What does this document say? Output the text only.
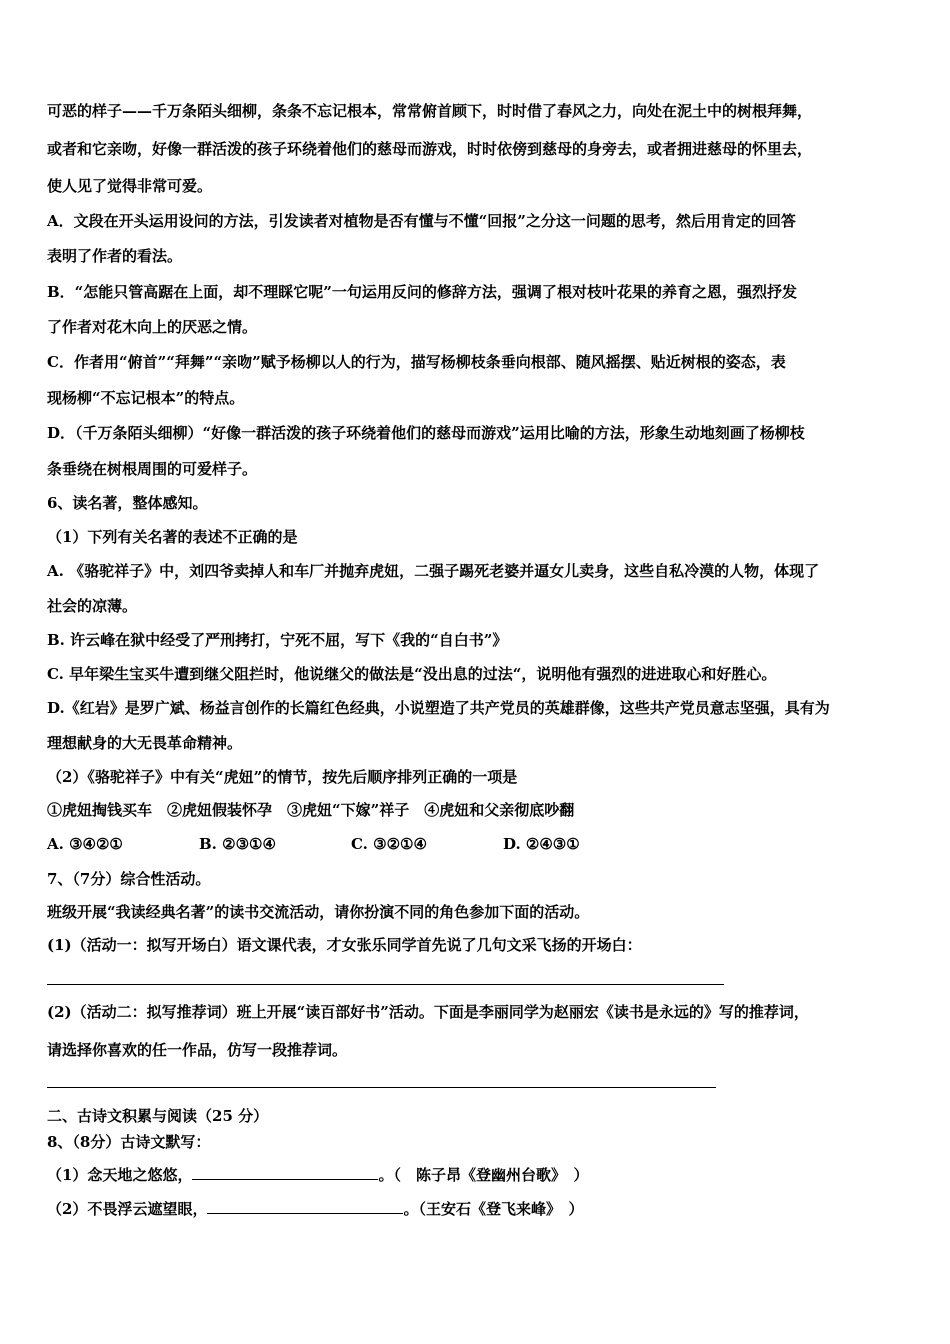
可恶的样子——千万条陌头细柳，条条不忘记根本，常常俯首顾下，时时借了春风之力，向处在泥土中的树根拜舞，
或者和它亲吻，好像一群活泼的孩子环绕着他们的慈母而游戏，时时依傍到慈母的身旁去，或者拥进慈母的怀里去，
使人见了觉得非常可爱。
A．文段在开头运用设问的方法，引发读者对植物是否有懂与不懂“回报”之分这一问题的思考，然后用肯定的回答
表明了作者的看法。
B．“怎能只管高踞在上面，却不理睬它呢”一句运用反问的修辞方法，强调了根对枝叶花果的养育之恩，强烈抒发
了作者对花木向上的厌恶之情。
C．作者用“俯首”“拜舞”“亲吻”赋予杨柳以人的行为，描写杨柳枝条垂向根部、随风摇摆、贴近树根的姿态，表
现杨柳“不忘记根本”的特点。
D．（千万条陌头细柳）“好像一群活泼的孩子环绕着他们的慈母而游戏”运用比喻的方法，形象生动地刻画了杨柳枝
条垂绕在树根周围的可爱样子。
6、读名著，整体感知。
（1）下列有关名著的表述不正确的是
A. 《骆驼祥子》中，刘四爷卖掉人和车厂并抛弃虎妞，二强子踢死老婆并逼女儿卖身，这些自私冷漠的人物，体现了
社会的凉薄。
B. 许云峰在狱中经受了严刑拷打，宁死不屈，写下《我的“自白书”》
C. 早年梁生宝买牛遭到继父阻拦时，他说继父的做法是“没出息的过法“，说明他有强烈的进进取心和好胜心。
D.《红岩》是罗广斌、杨益言创作的长篇红色经典，小说塑造了共产党员的英雄群像，这些共产党员意志坚强，具有为
理想献身的大无畏革命精神。
（2）《骆驼祥子》中有关“虎妞”的情节，按先后顺序排列正确的一项是
①虎妞掏钱买车　②虎妞假装怀孕　③虎妞“下嫁”祥子　④虎妞和父亲彻底吵翻
A. ③④②①	B. ②③①④	C. ③②①④	D. ②④③①
7、（7分）综合性活动。
班级开展“我读经典名著”的读书交流活动，请你扮演不同的角色参加下面的活动。
(1)（活动一：拟写开场白）语文课代表，才女张乐同学首先说了几句文采飞扬的开场白：
(2)（活动二：拟写推荐词）班上开展“读百部好书”活动。下面是李丽同学为赵丽宏《读书是永远的》写的推荐词，
请选择你喜欢的任一作品，仿写一段推荐词。
二、古诗文积累与阅读（25 分）
8、（8分）古诗文默写：
（1）念天地之悠悠，	。（　陈子昂《登幽州台歌》　）
（2）不畏浮云遮望眼，	。（王安石《登飞来峰》　）
